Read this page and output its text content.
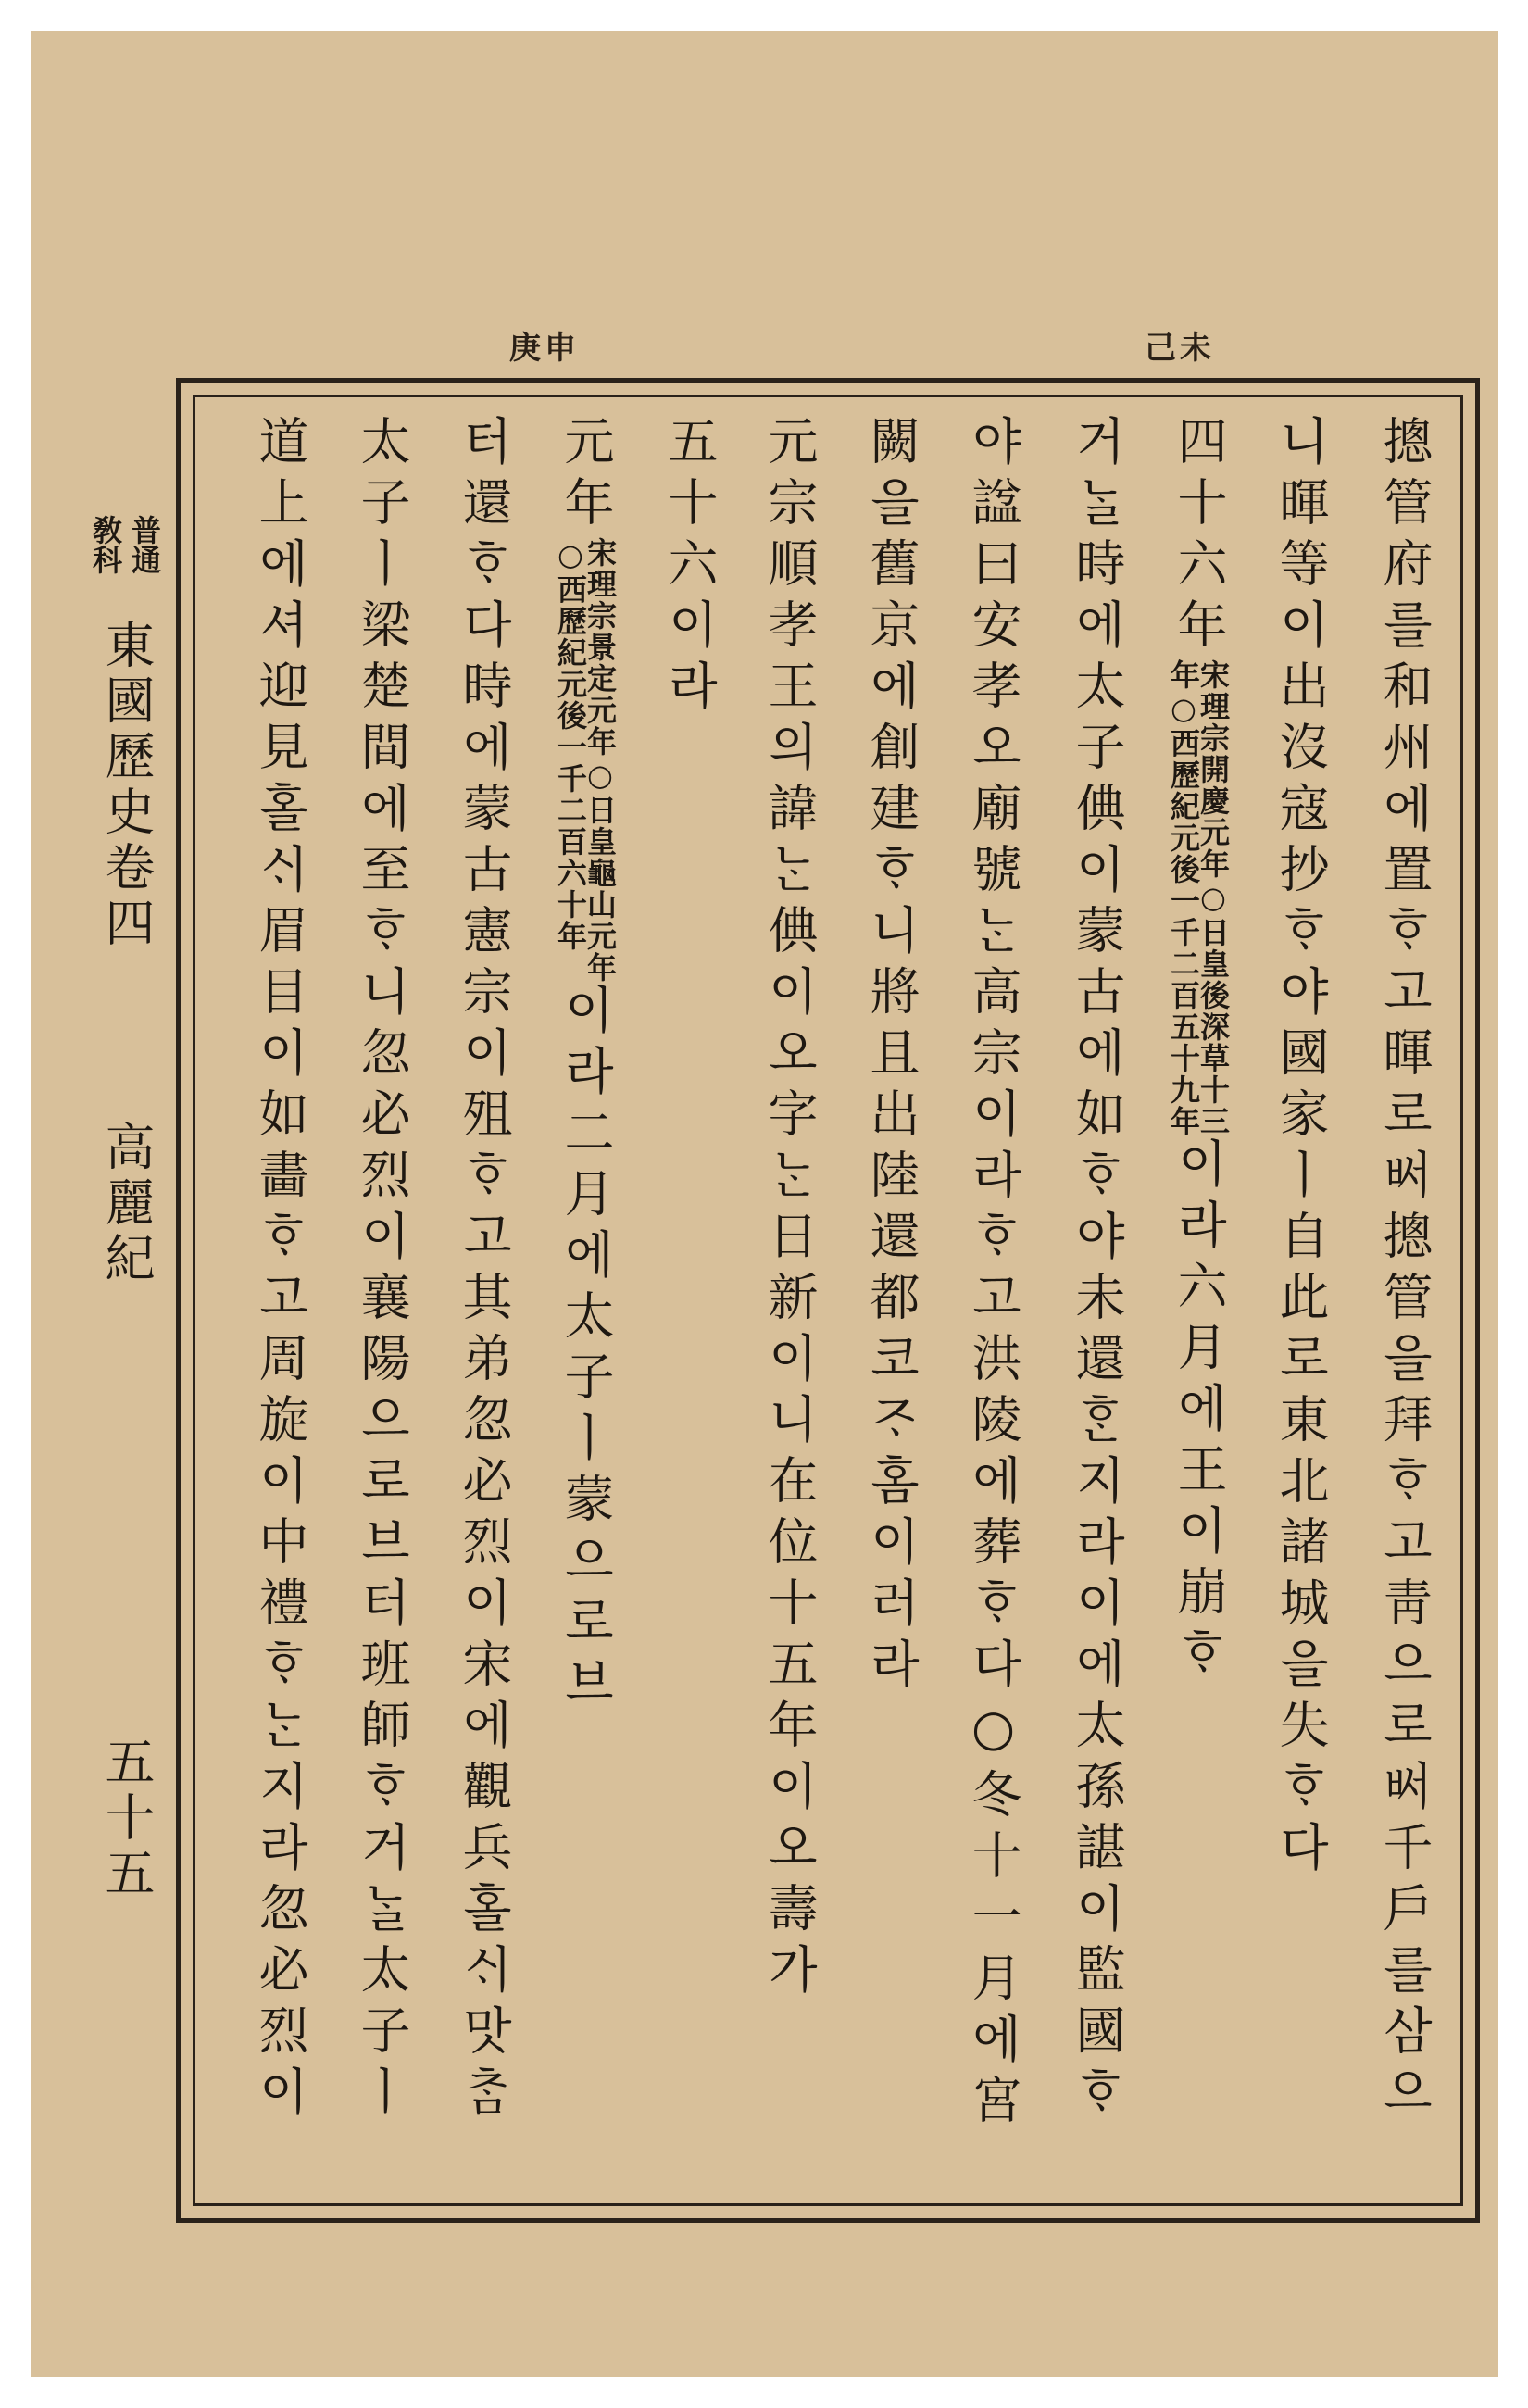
己未
庚申
摠管府를和州에置ᄒᆞ고暉로ᄡᅥ摠管을拜ᄒᆞ고靑으로ᄡᅥ千戶를삼으
니暉等이出沒寇抄ᄒᆞ야國家ㅣ自此로東北諸城을失ᄒᆞ다
四十六年
宋理宗開慶元年○日皇後深草十三
年○西歷紀元後一千二百五十九年
이라六月에王이崩ᄒᆞ
거ᄂᆞᆯ時에太子倎이蒙古에如ᄒᆞ야未還ᄒᆞᆫ지라이에太孫諶이監國ᄒᆞ
야諡曰安孝오廟號ᄂᆞᆫ高宗이라ᄒᆞ고洪陵에葬ᄒᆞ다○冬十一月에宮
闕을舊京에創建ᄒᆞ니將且出陸還都코ᄌᆞ홈이러라
元宗順孝王의諱ᄂᆞᆫ倎이오字ᄂᆞᆫ日新이니在位十五年이오壽가
五十六이라
元年
宋理宗景定元年○日皇龜山元年
○西歷紀元後一千二百六十年
이라二月에太子ㅣ蒙으로브
터還ᄒᆞ다時에蒙古憲宗이殂ᄒᆞ고其弟忽必烈이宋에觀兵홀ᄉᆡ맛ᄎᆞᆷ
太子ㅣ梁楚間에至ᄒᆞ니忽必烈이襄陽으로브터班師ᄒᆞ거ᄂᆞᆯ太子ㅣ
道上에셔迎見홀ᄉᆡ眉目이如畵ᄒᆞ고周旋이中禮ᄒᆞᄂᆞᆫ지라忽必烈이
普通
敎科
東國歷史卷四
高麗紀
五十五
